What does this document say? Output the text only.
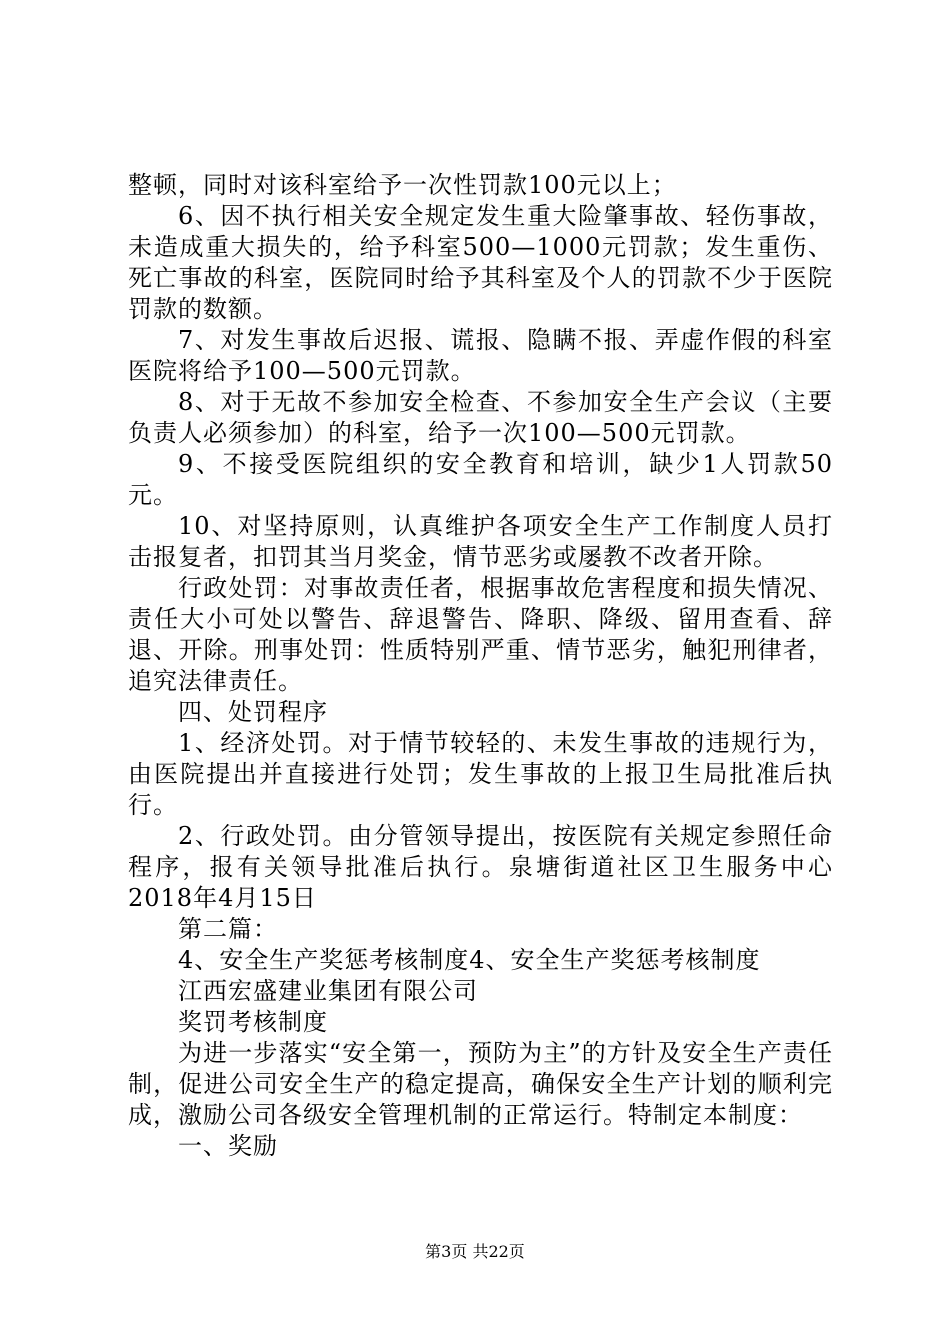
整顿，同时对该科室给予一次性罚款100元以上；

6、因不执行相关安全规定发生重大险肇事故、轻伤事故，未造成重大损失的，给予科室500—1000元罚款；发生重伤、死亡事故的科室，医院同时给予其科室及个人的罚款不少于医院罚款的数额。

7、对发生事故后迟报、谎报、隐瞒不报、弄虚作假的科室医院将给予100—500元罚款。

8、对于无故不参加安全检查、不参加安全生产会议（主要负责人必须参加）的科室，给予一次100—500元罚款。

9、不接受医院组织的安全教育和培训，缺少1人罚款50元。

10、对坚持原则，认真维护各项安全生产工作制度人员打击报复者，扣罚其当月奖金，情节恶劣或屡教不改者开除。

行政处罚：对事故责任者，根据事故危害程度和损失情况、责任大小可处以警告、辞退警告、降职、降级、留用查看、辞退、开除。刑事处罚：性质特别严重、情节恶劣，触犯刑律者，追究法律责任。

四、处罚程序

1、经济处罚。对于情节较轻的、未发生事故的违规行为，由医院提出并直接进行处罚；发生事故的上报卫生局批准后执行。

2、行政处罚。由分管领导提出，按医院有关规定参照任命程序，报有关领导批准后执行。泉塘街道社区卫生服务中心2018年4月15日

第二篇：

4、安全生产奖惩考核制度4、安全生产奖惩考核制度

江西宏盛建业集团有限公司

奖罚考核制度

为进一步落实“安全第一，预防为主”的方针及安全生产责任制，促进公司安全生产的稳定提高，确保安全生产计划的顺利完成，激励公司各级安全管理机制的正常运行。特制定本制度：

一、奖励

第3页 共22页
